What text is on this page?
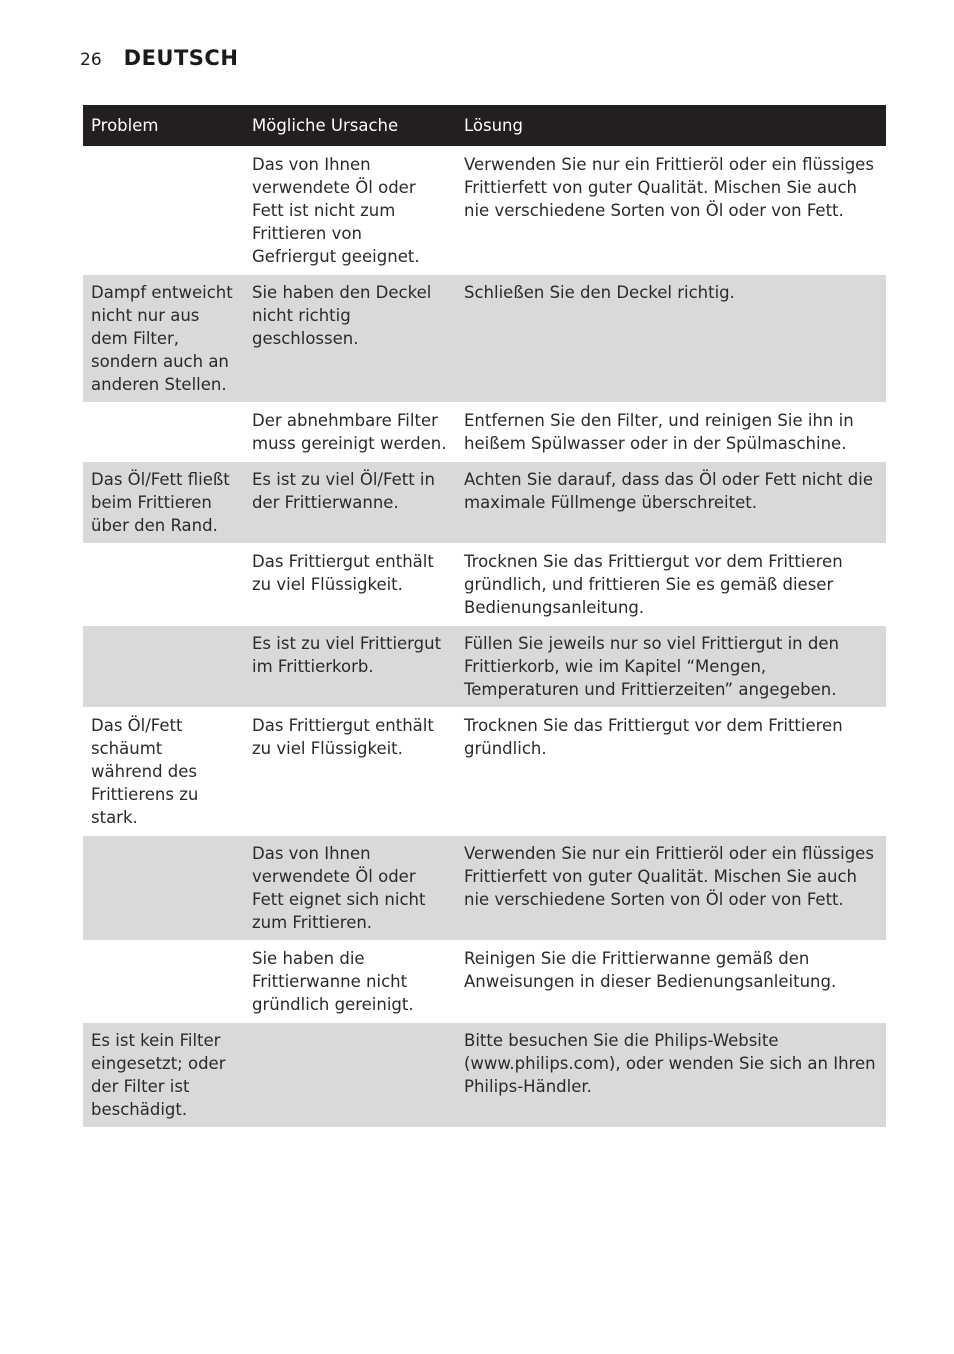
26 DEUTSCH
Problem	Mögliche Ursache	Lösung
	Das von Ihnen verwendete Öl oder Fett ist nicht zum Frittieren von Gefriergut geeignet.	Verwenden Sie nur ein Frittieröl oder ein flüssiges Frittierfett von guter Qualität. Mischen Sie auch nie verschiedene Sorten von Öl oder von Fett.
Dampf entweicht nicht nur aus dem Filter, sondern auch an anderen Stellen.	Sie haben den Deckel nicht richtig geschlossen.	Schließen Sie den Deckel richtig.
	Der abnehmbare Filter muss gereinigt werden.	Entfernen Sie den Filter, und reinigen Sie ihn in heißem Spülwasser oder in der Spülmaschine.
Das Öl/Fett fließt beim Frittieren über den Rand.	Es ist zu viel Öl/Fett in der Frittierwanne.	Achten Sie darauf, dass das Öl oder Fett nicht die maximale Füllmenge überschreitet.
	Das Frittiergut enthält zu viel Flüssigkeit.	Trocknen Sie das Frittiergut vor dem Frittieren gründlich, und frittieren Sie es gemäß dieser Bedienungsanleitung.
	Es ist zu viel Frittiergut im Frittierkorb.	Füllen Sie jeweils nur so viel Frittiergut in den Frittierkorb, wie im Kapitel “Mengen, Temperaturen und Frittierzeiten” angegeben.
Das Öl/Fett schäumt während des Frittierens zu stark.	Das Frittiergut enthält zu viel Flüssigkeit.	Trocknen Sie das Frittiergut vor dem Frittieren gründlich.
	Das von Ihnen verwendete Öl oder Fett eignet sich nicht zum Frittieren.	Verwenden Sie nur ein Frittieröl oder ein flüssiges Frittierfett von guter Qualität. Mischen Sie auch nie verschiedene Sorten von Öl oder von Fett.
	Sie haben die Frittierwanne nicht gründlich gereinigt.	Reinigen Sie die Frittierwanne gemäß den Anweisungen in dieser Bedienungsanleitung.
Es ist kein Filter eingesetzt; oder der Filter ist beschädigt.		Bitte besuchen Sie die Philips-Website (www.philips.com), oder wenden Sie sich an Ihren Philips-Händler.
